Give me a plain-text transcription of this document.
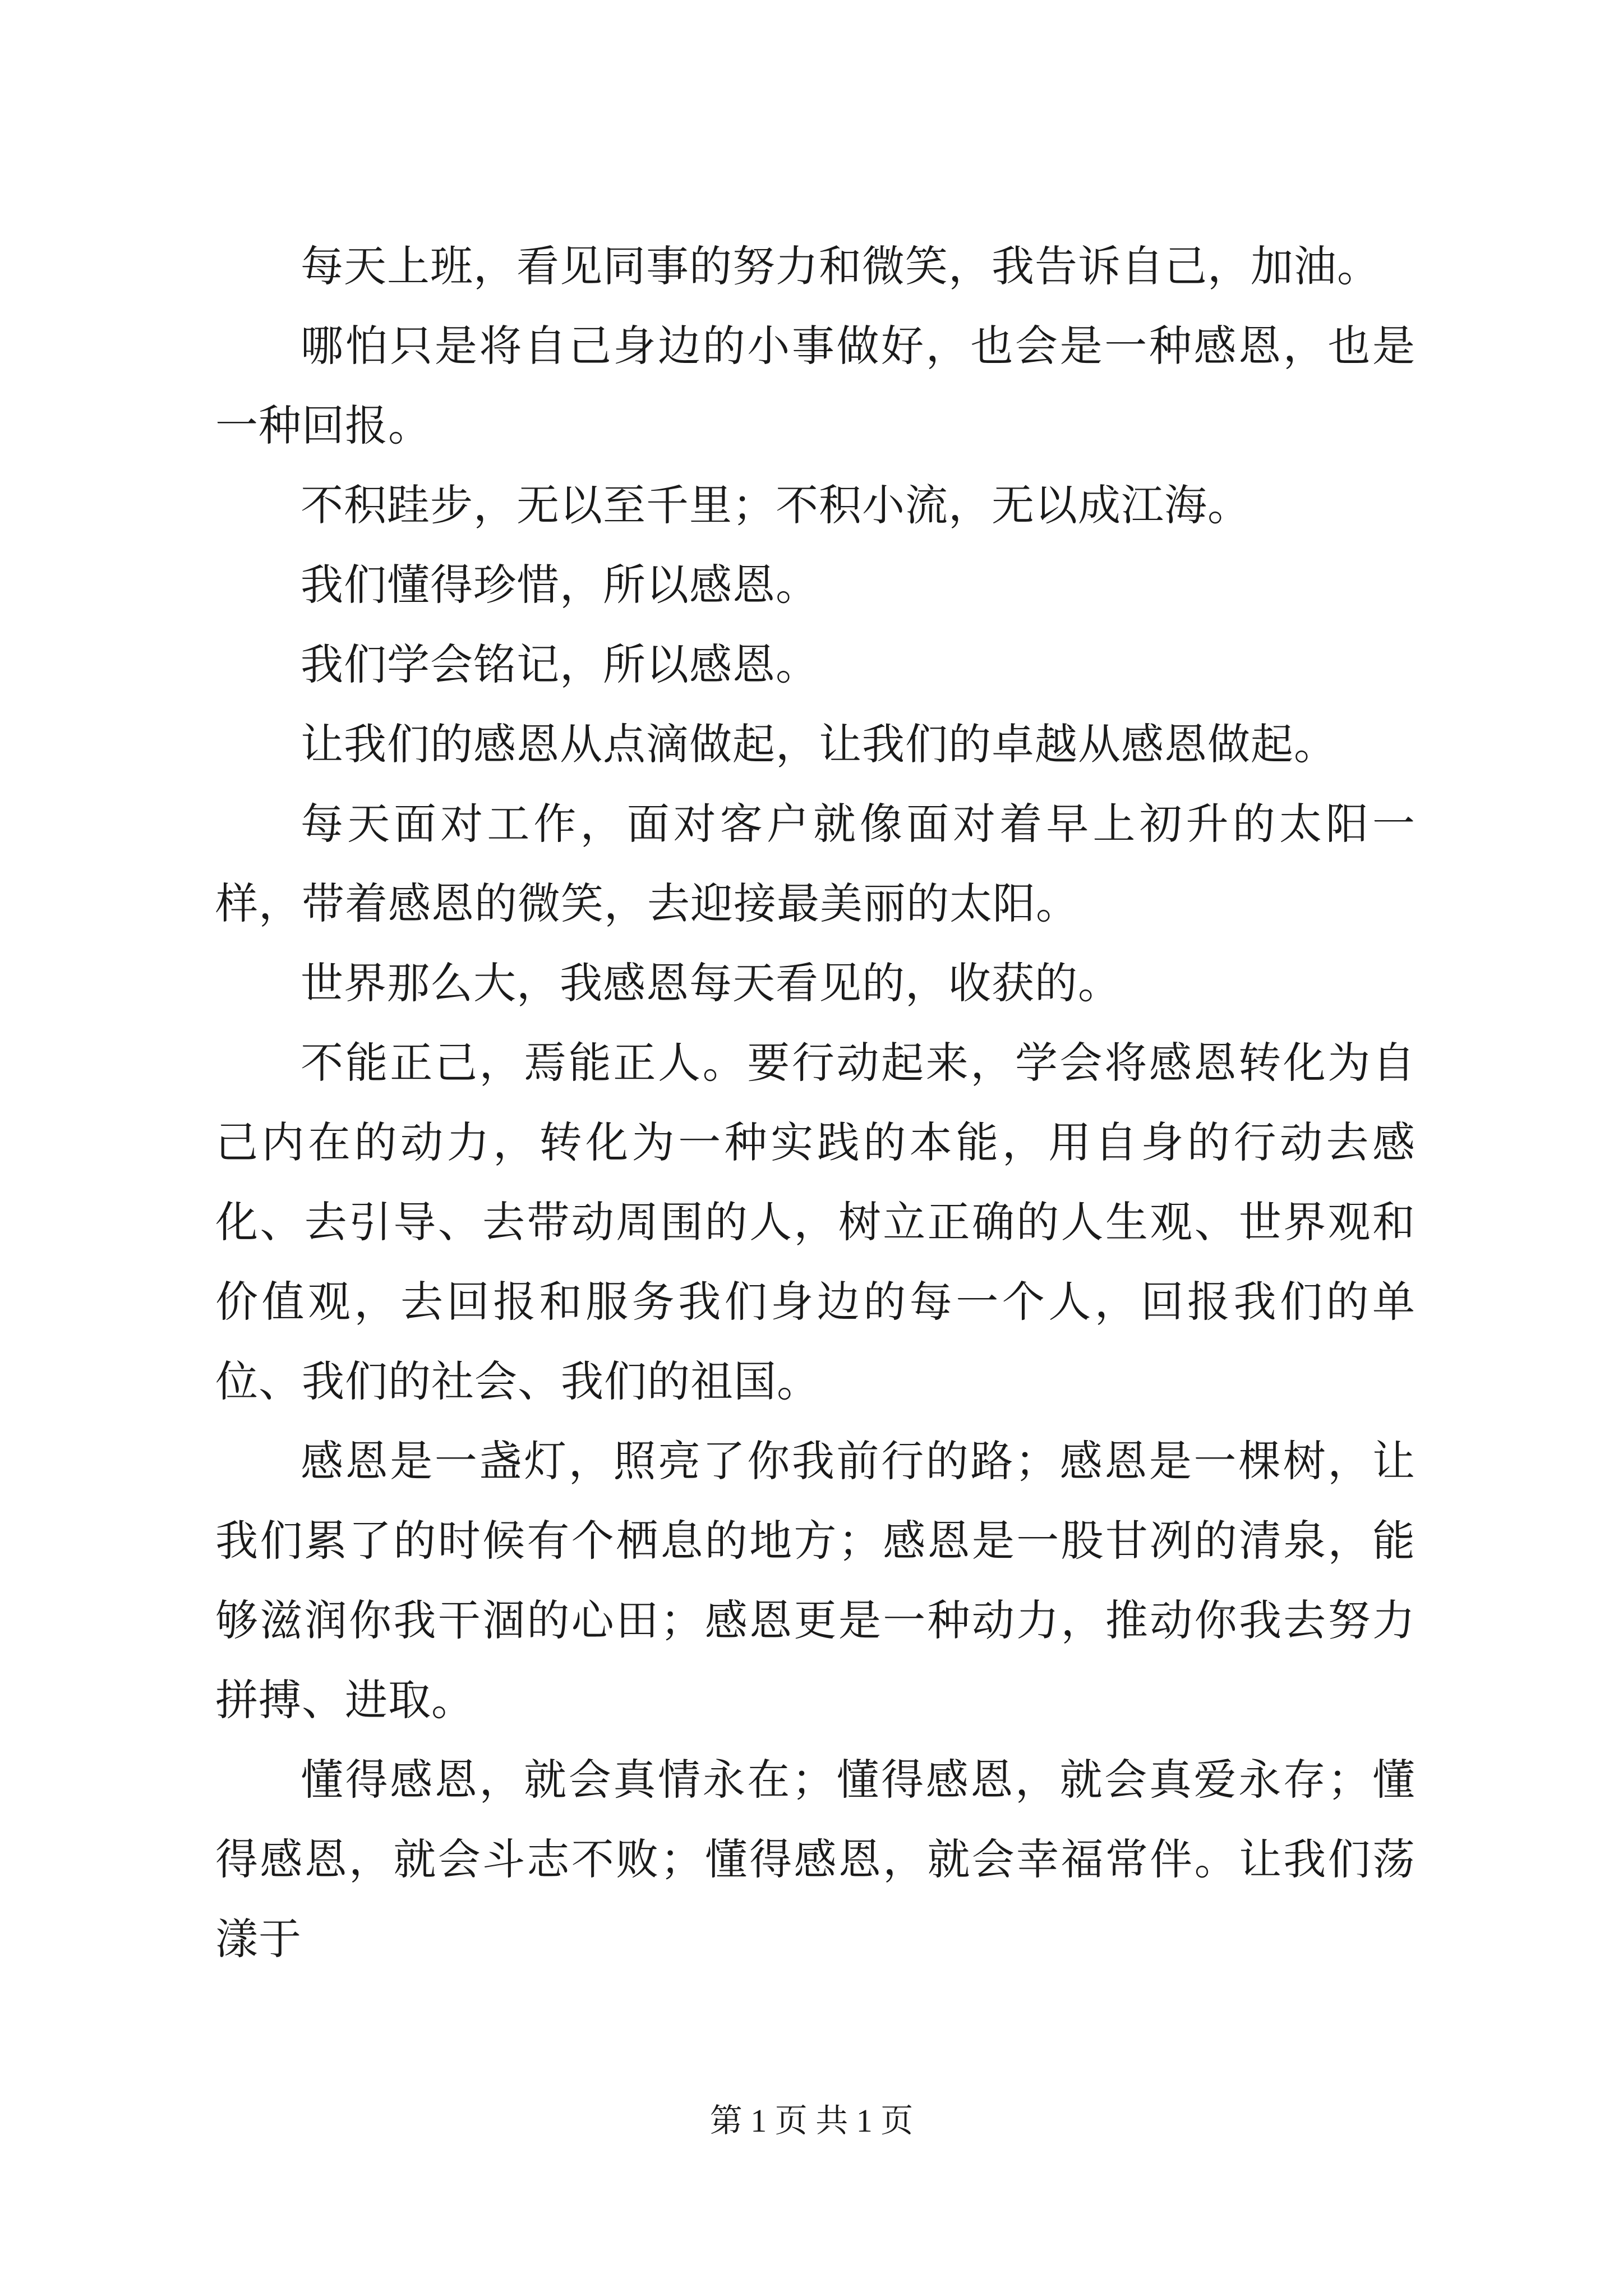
每天上班，看见同事的努力和微笑，我告诉自己，加油。

哪怕只是将自己身边的小事做好，也会是一种感恩，也是一种回报。

不积跬步，无以至千里；不积小流，无以成江海。

我们懂得珍惜，所以感恩。

我们学会铭记，所以感恩。

让我们的感恩从点滴做起，让我们的卓越从感恩做起。

每天面对工作，面对客户就像面对着早上初升的太阳一样，带着感恩的微笑，去迎接最美丽的太阳。

世界那么大，我感恩每天看见的，收获的。

不能正己，焉能正人。要行动起来，学会将感恩转化为自己内在的动力，转化为一种实践的本能，用自身的行动去感化、去引导、去带动周围的人，树立正确的人生观、世界观和价值观，去回报和服务我们身边的每一个人，回报我们的单位、我们的社会、我们的祖国。

感恩是一盏灯，照亮了你我前行的路；感恩是一棵树，让我们累了的时候有个栖息的地方；感恩是一股甘冽的清泉，能够滋润你我干涸的心田；感恩更是一种动力，推动你我去努力拼搏、进取。

懂得感恩，就会真情永在；懂得感恩，就会真爱永存；懂得感恩，就会斗志不败；懂得感恩，就会幸福常伴。让我们荡漾于

第 1 页 共 1 页
